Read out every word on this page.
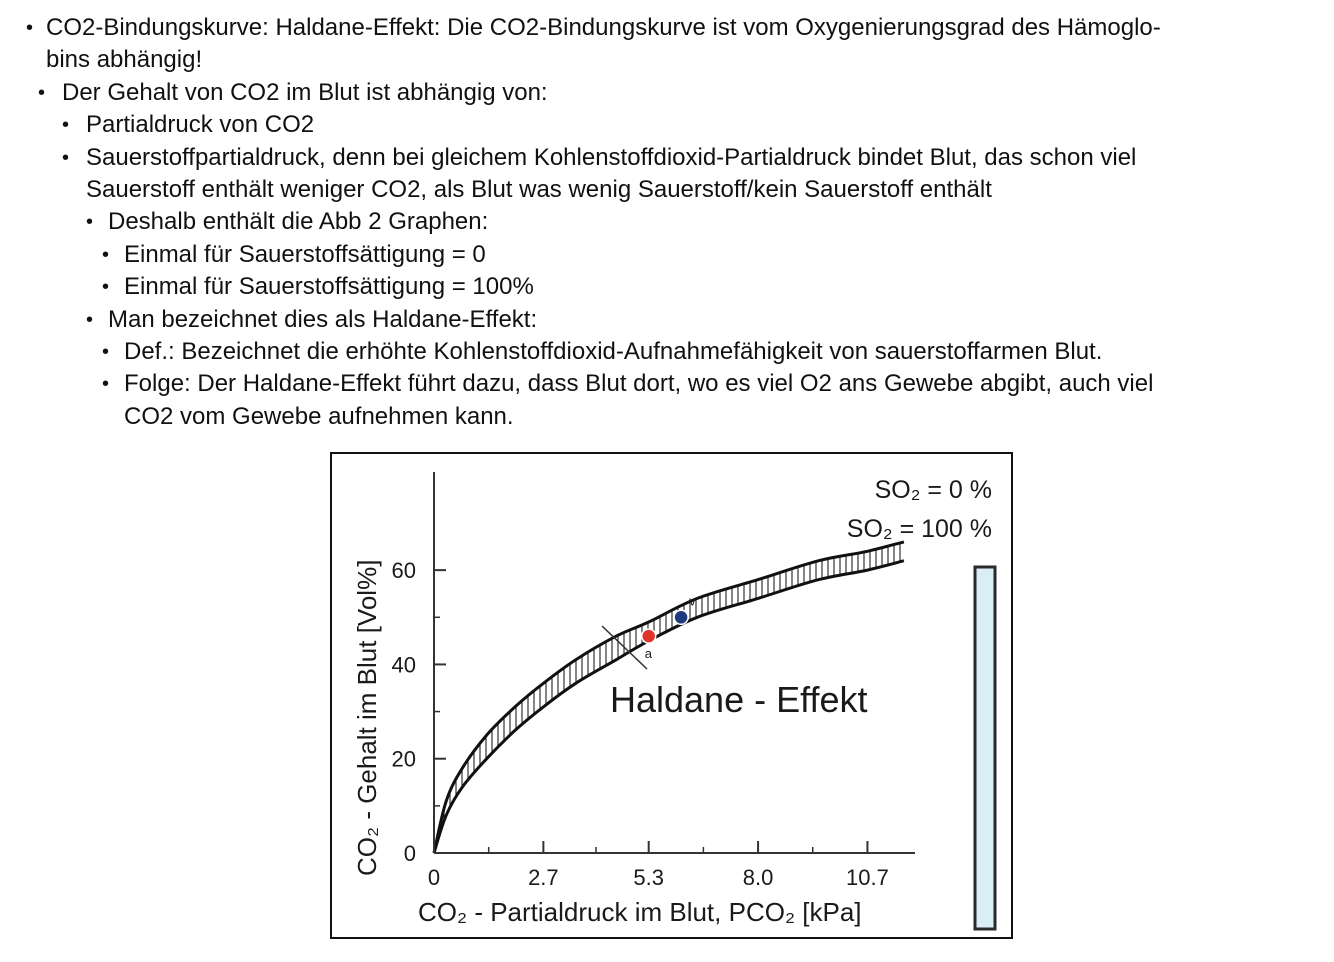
• CO2-Bindungskurve: Haldane-Effekt: Die CO2-Bindungskurve ist vom Oxygenierungsgrad des Hämoglo-
bins abhängig!
• Der Gehalt von CO2 im Blut ist abhängig von:
• Partialdruck von CO2
• Sauerstoffpartialdruck, denn bei gleichem Kohlenstoffdioxid-Partialdruck bindet Blut, das schon viel
Sauerstoff enthält weniger CO2, als Blut was wenig Sauerstoff/kein Sauerstoff enthält
• Deshalb enthält die Abb 2 Graphen:
• Einmal für Sauerstoffsättigung = 0
• Einmal für Sauerstoffsättigung = 100%
• Man bezeichnet dies als Haldane-Effekt:
• Def.: Bezeichnet die erhöhte Kohlenstoffdioxid-Aufnahmefähigkeit von sauerstoffarmen Blut.
• Folge: Der Haldane-Effekt führt dazu, dass Blut dort, wo es viel O2 ans Gewebe abgibt, auch viel
CO2 vom Gewebe aufnehmen kann.
0	2.7	5.3	8.0	10.7
0
20
40
60
a
v
Haldane - Effekt
CO₂ - Partialdruck im Blut, PCO₂ [kPa]
CO₂ - Gehalt im Blut [Vol%]
SO₂ = 0 %
SO₂ = 100 %
